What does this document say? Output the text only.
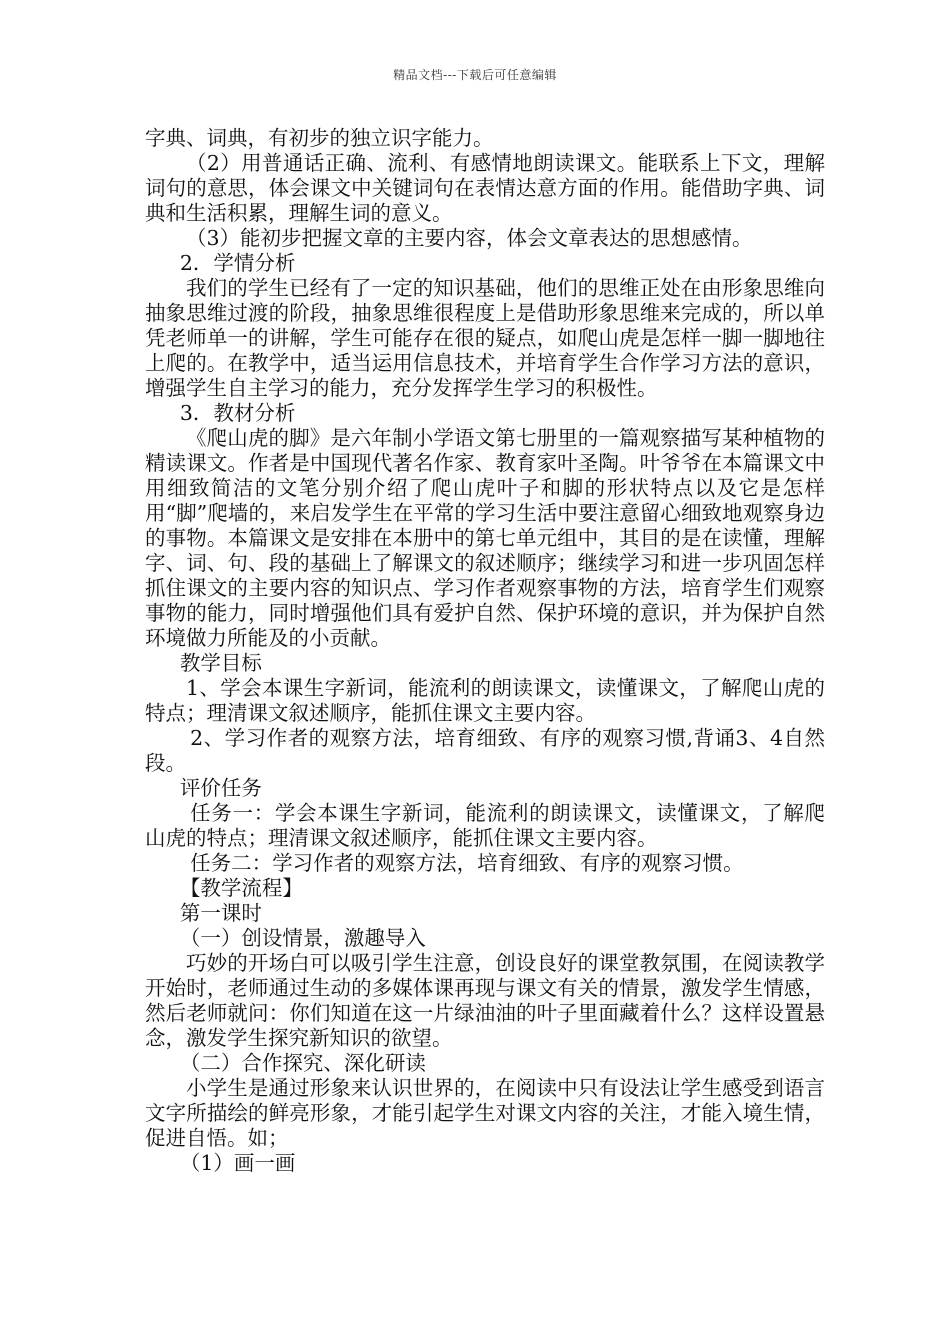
精品文档---下载后可任意编辑

字典、词典，有初步的独立识字能力。

（2）用普通话正确、流利、有感情地朗读课文。能联系上下文，理解词句的意思，体会课文中关键词句在表情达意方面的作用。能借助字典、词典和生活积累，理解生词的意义。

（3）能初步把握文章的主要内容，体会文章表达的思想感情。

2．学情分析

我们的学生已经有了一定的知识基础，他们的思维正处在由形象思维向抽象思维过渡的阶段，抽象思维很程度上是借助形象思维来完成的，所以单凭老师单一的讲解，学生可能存在很的疑点，如爬山虎是怎样一脚一脚地往上爬的。在教学中，适当运用信息技术，并培育学生合作学习方法的意识，增强学生自主学习的能力，充分发挥学生学习的积极性。

3．教材分析

《爬山虎的脚》是六年制小学语文第七册里的一篇观察描写某种植物的精读课文。作者是中国现代著名作家、教育家叶圣陶。叶爷爷在本篇课文中用细致简洁的文笔分别介绍了爬山虎叶子和脚的形状特点以及它是怎样用“脚”爬墙的，来启发学生在平常的学习生活中要注意留心细致地观察身边的事物。本篇课文是安排在本册中的第七单元组中，其目的是在读懂，理解字、词、句、段的基础上了解课文的叙述顺序；继续学习和进一步巩固怎样抓住课文的主要内容的知识点、学习作者观察事物的方法，培育学生们观察事物的能力，同时增强他们具有爱护自然、保护环境的意识，并为保护自然环境做力所能及的小贡献。

教学目标

1、学会本课生字新词，能流利的朗读课文，读懂课文，了解爬山虎的特点；理清课文叙述顺序，能抓住课文主要内容。

2、学习作者的观察方法，培育细致、有序的观察习惯,背诵3、4自然段。

评价任务

任务一：学会本课生字新词，能流利的朗读课文，读懂课文，了解爬山虎的特点；理清课文叙述顺序，能抓住课文主要内容。

任务二：学习作者的观察方法，培育细致、有序的观察习惯。

【教学流程】

第一课时

（一）创设情景，激趣导入

巧妙的开场白可以吸引学生注意，创设良好的课堂教氛围，在阅读教学开始时，老师通过生动的多媒体课再现与课文有关的情景，激发学生情感，然后老师就问：你们知道在这一片绿油油的叶子里面藏着什么？这样设置悬念，激发学生探究新知识的欲望。

（二）合作探究、深化研读

小学生是通过形象来认识世界的，在阅读中只有设法让学生感受到语言文字所描绘的鲜亮形象，才能引起学生对课文内容的关注，才能入境生情，促进自悟。如；

（1）画一画
